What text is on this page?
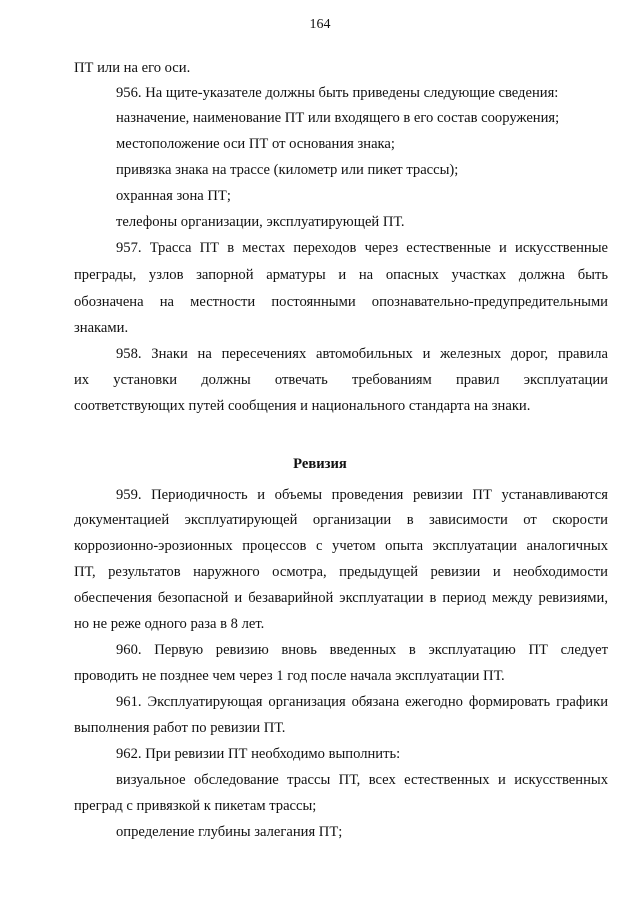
164
ПТ или на его оси.
956. На щите-указателе должны быть приведены следующие сведения:
назначение, наименование ПТ или входящего в его состав сооружения;
местоположение оси ПТ от основания знака;
привязка знака на трассе (километр или пикет трассы);
охранная зона ПТ;
телефоны организации, эксплуатирующей ПТ.
957. Трасса ПТ в местах переходов через естественные и искусственные
преграды, узлов запорной арматуры и на опасных участках должна быть
обозначена на местности постоянными опознавательно-предупредительными
знаками.
958. Знаки на пересечениях автомобильных и железных дорог, правила
их установки должны отвечать требованиям правил эксплуатации
соответствующих путей сообщения и национального стандарта на знаки.
Ревизия
959. Периодичность и объемы проведения ревизии ПТ устанавливаются
документацией эксплуатирующей организации в зависимости от скорости
коррозионно-эрозионных процессов с учетом опыта эксплуатации аналогичных
ПТ, результатов наружного осмотра, предыдущей ревизии и необходимости
обеспечения безопасной и безаварийной эксплуатации в период между ревизиями,
но не реже одного раза в 8 лет.
960. Первую ревизию вновь введенных в эксплуатацию ПТ следует
проводить не позднее чем через 1 год после начала эксплуатации ПТ.
961. Эксплуатирующая организация обязана ежегодно формировать графики
выполнения работ по ревизии ПТ.
962. При ревизии ПТ необходимо выполнить:
визуальное обследование трассы ПТ, всех естественных и искусственных
преград с привязкой к пикетам трассы;
определение глубины залегания ПТ;
